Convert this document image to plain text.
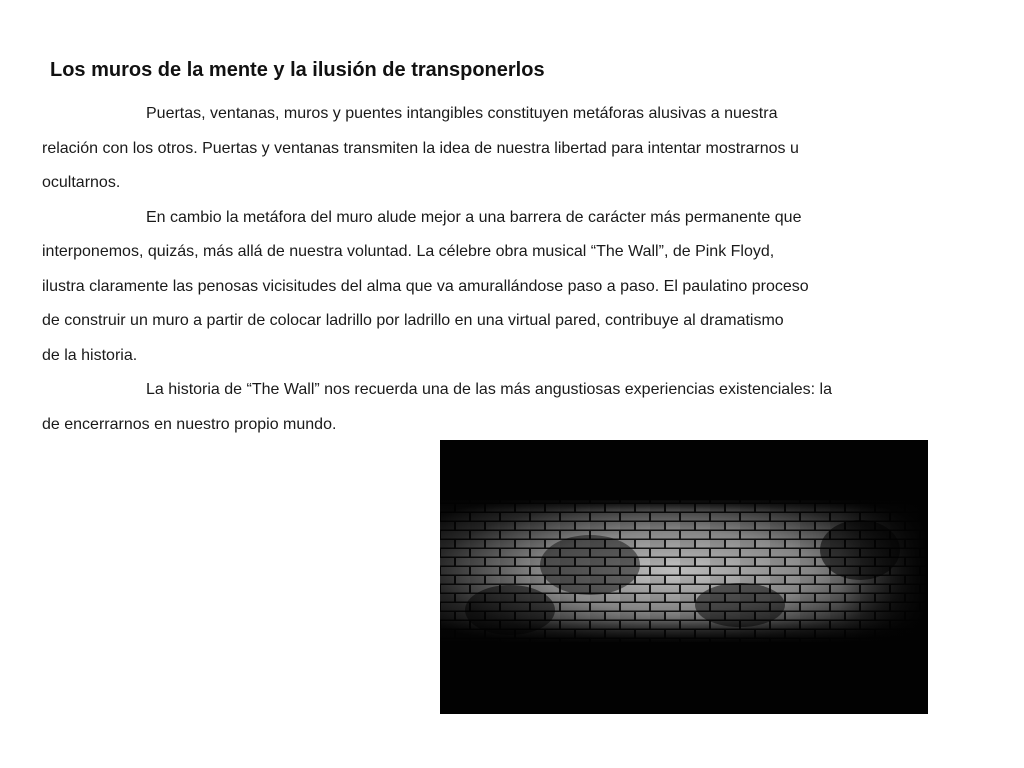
Los muros de la mente y la ilusión de transponerlos
Puertas, ventanas, muros y puentes intangibles constituyen metáforas alusivas a nuestra
relación con los otros. Puertas y ventanas transmiten la idea de nuestra libertad para intentar mostrarnos u
ocultarnos.
En cambio la metáfora del muro alude mejor a una barrera de carácter más permanente que
interponemos, quizás, más allá de nuestra voluntad. La célebre obra musical “The Wall”, de Pink Floyd,
ilustra claramente las penosas vicisitudes del alma que va amurallándose paso a paso. El paulatino proceso
de construir un muro a partir de colocar ladrillo por ladrillo en una virtual pared, contribuye al dramatismo
de la historia.
La historia de “The Wall” nos recuerda una de las más angustiosas experiencias existenciales: la
de encerrarnos en nuestro propio mundo.
